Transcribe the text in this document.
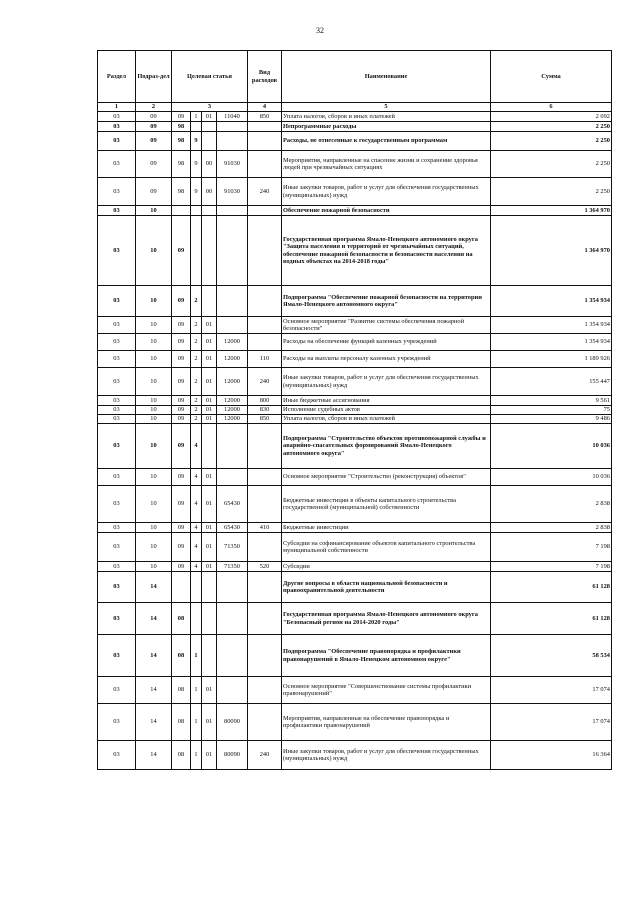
32
Раздел	Подраз-дел	Целевая статья				Вид расходов	Наименование	Сумма
1	2	3				4	5	6
03	09	09	1	01	11040	850	Уплата налогов, сборов и иных платежей	2 092
03	09	98					Непрограммные расходы	2 250
03	09	98	9				Расходы, не отнесенные к государственным программам	2 250
03	09	98	9	00	91030		Мероприятия, направленные на спасение жизни и сохранение здоровья людей при чрезвычайных ситуациях	2 250
03	09	98	9	00	91030	240	Иные закупки товаров, работ и услуг для обеспечения государственных (муниципальных) нужд	2 250
03	10						Обеспечение пожарной безопасности	1 364 970
03	10	09					Государственная программа Ямало-Ненецкого автономного округа "Защита населения и территорий от чрезвычайных ситуаций, обеспечение пожарной безопасности и безопасности населения на водных объектах на 2014-2018 годы"	1 364 970
03	10	09	2				Подпрограмма "Обеспечение пожарной безопасности на территории Ямало-Ненецкого автономного округа"	1 354 934
03	10	09	2	01			Основное мероприятие "Развитие системы обеспечения пожарной безопасности"	1 354 934
03	10	09	2	01	12000		Расходы на обеспечение функций казенных учреждений	1 354 934
03	10	09	2	01	12000	110	Расходы на выплаты персоналу казенных учреждений	1 189 926
03	10	09	2	01	12000	240	Иные закупки товаров, работ и услуг для обеспечения государственных (муниципальных) нужд	155 447
03	10	09	2	01	12000	800	Иные бюджетные ассигнования	9 561
03	10	09	2	01	12000	830	Исполнение судебных актов	75
03	10	09	2	01	12000	850	Уплата налогов, сборов и иных платежей	9 486
03	10	09	4				Подпрограмма "Строительство объектов противопожарной службы и аварийно-спасательных формирований Ямало-Ненецкого автономного округа"	10 036
03	10	09	4	01			Основное мероприятие "Строительство (реконструкция) объектов"	10 036
03	10	09	4	01	65430		Бюджетные инвестиции в объекты капитального строительства государственной (муниципальной) собственности	2 838
03	10	09	4	01	65430	410	Бюджетные инвестиции	2 838
03	10	09	4	01	71350		Субсидии на софинансирование объектов капитального строительства муниципальной собственности	7 198
03	10	09	4	01	71350	520	Субсидии	7 198
03	14						Другие вопросы в области национальной безопасности и правоохранительной деятельности	61 128
03	14	08					Государственная программа Ямало-Ненецкого автономного округа "Безопасный регион на 2014-2020 годы"	61 128
03	14	08	1				Подпрограмма "Обеспечение правопорядка и профилактики правонарушений в Ямало-Ненецком автономном округе"	58 534
03	14	08	1	01			Основное мероприятие "Совершенствование системы профилактики правонарушений"	17 074
03	14	08	1	01	80090		Мероприятия, направленные на обеспечение правопорядка и профилактики правонарушений	17 074
03	14	08	1	01	80090	240	Иные закупки товаров, работ и услуг для обеспечения государственных (муниципальных) нужд	16 364
